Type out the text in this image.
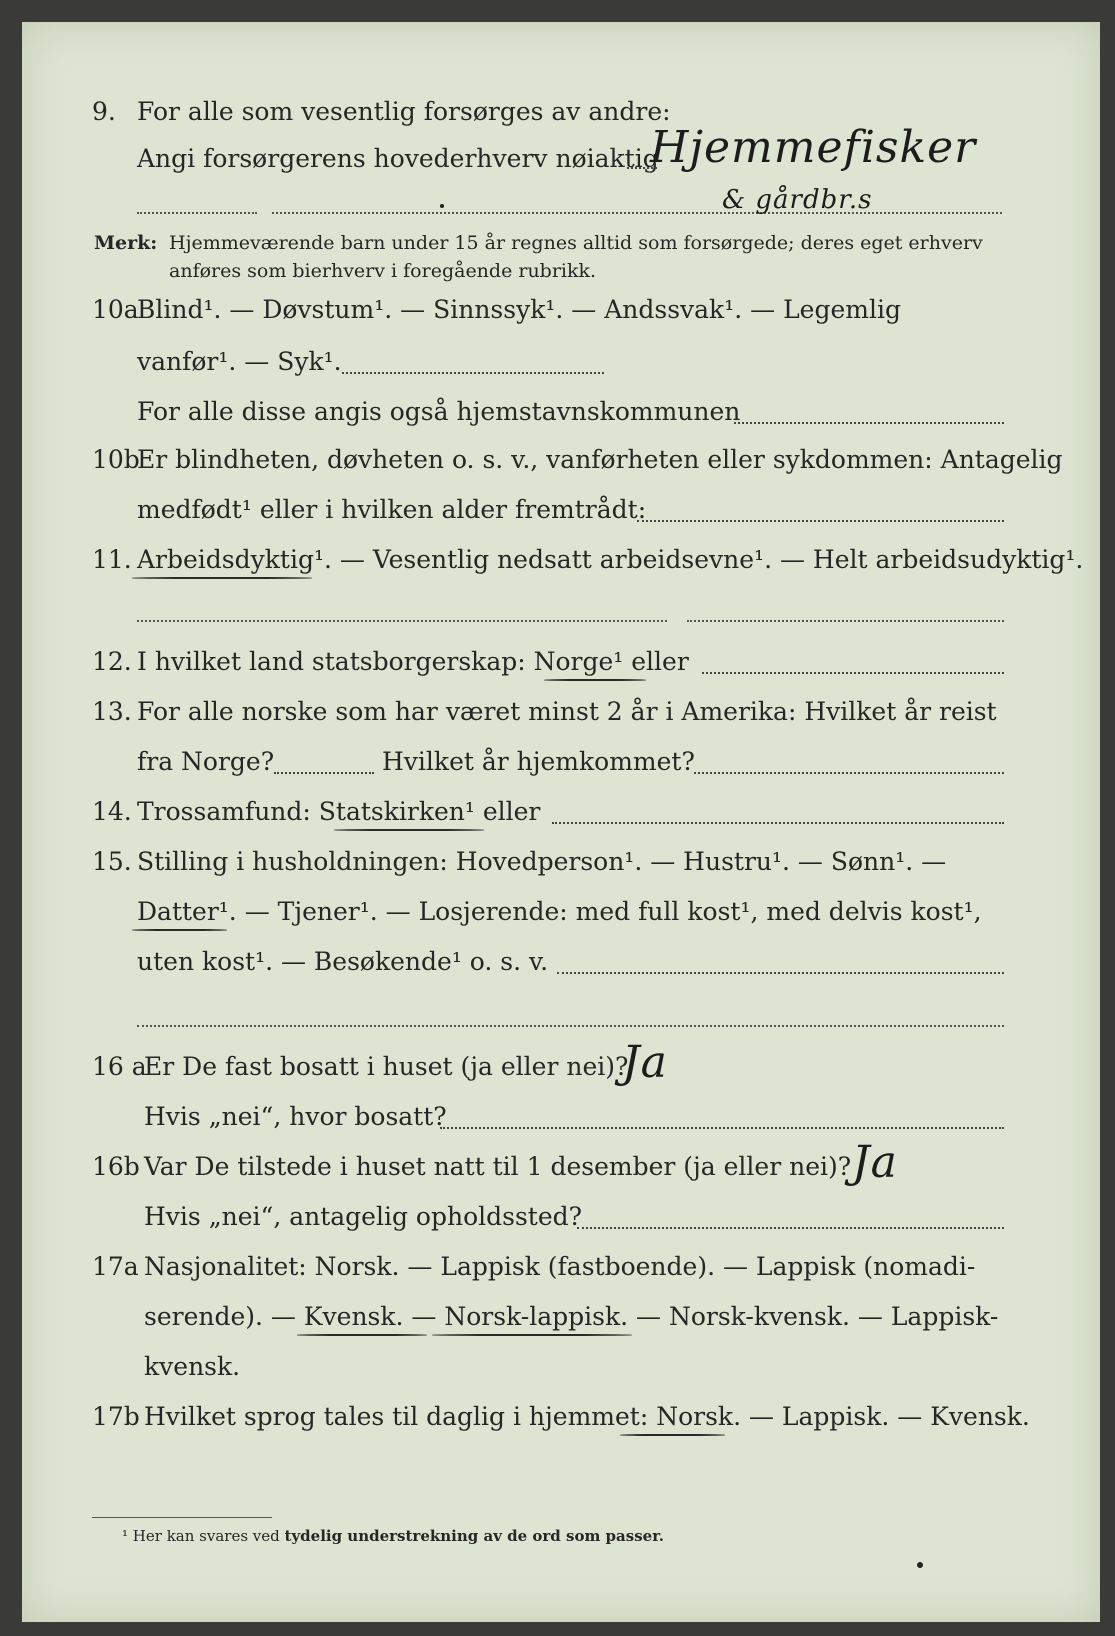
9. For alle som vesentlig forsørges av andre:
Angi forsørgerens hovederhverv nøiaktig
Hjemmefisker
& gårdbr.s
Merk: Hjemmeværende barn under 15 år regnes alltid som forsørgede; deres eget erhverv
anføres som bierhverv i foregående rubrikk.
10a
Blind¹. — Døvstum¹. — Sinnssyk¹. — Andssvak¹. — Legemlig
vanfør¹. — Syk¹.
For alle disse angis også hjemstavnskommunen
10b
Er blindheten, døvheten o. s. v., vanførheten eller sykdommen: Antagelig
medfødt¹ eller i hvilken alder fremtrådt:
11. Arbeidsdyktig¹. — Vesentlig nedsatt arbeidsevne¹. — Helt arbeidsudyktig¹.
12. I hvilket land statsborgerskap: Norge¹ eller
13. For alle norske som har været minst 2 år i Amerika: Hvilket år reist
fra Norge?	Hvilket år hjemkommet?
14. Trossamfund: Statskirken¹ eller
15. Stilling i husholdningen: Hovedperson¹. — Hustru¹. — Sønn¹. —
Datter¹. — Tjener¹. — Losjerende: med full kost¹, med delvis kost¹,
uten kost¹. — Besøkende¹ o. s. v.
16 a
Er De fast bosatt i huset (ja eller nei)?
Ja
Hvis „nei“, hvor bosatt?
16b Var De tilstede i huset natt til 1 desember (ja eller nei)? Ja
Hvis „nei“, antagelig opholdssted?
17a Nasjonalitet: Norsk. — Lappisk (fastboende). — Lappisk (nomadi-
serende). — Kvensk. — Norsk-lappisk. — Norsk-kvensk. — Lappisk-
kvensk.
17b Hvilket sprog tales til daglig i hjemmet: Norsk. — Lappisk. — Kvensk.
¹ Her kan svares ved tydelig understrekning av de ord som passer.
